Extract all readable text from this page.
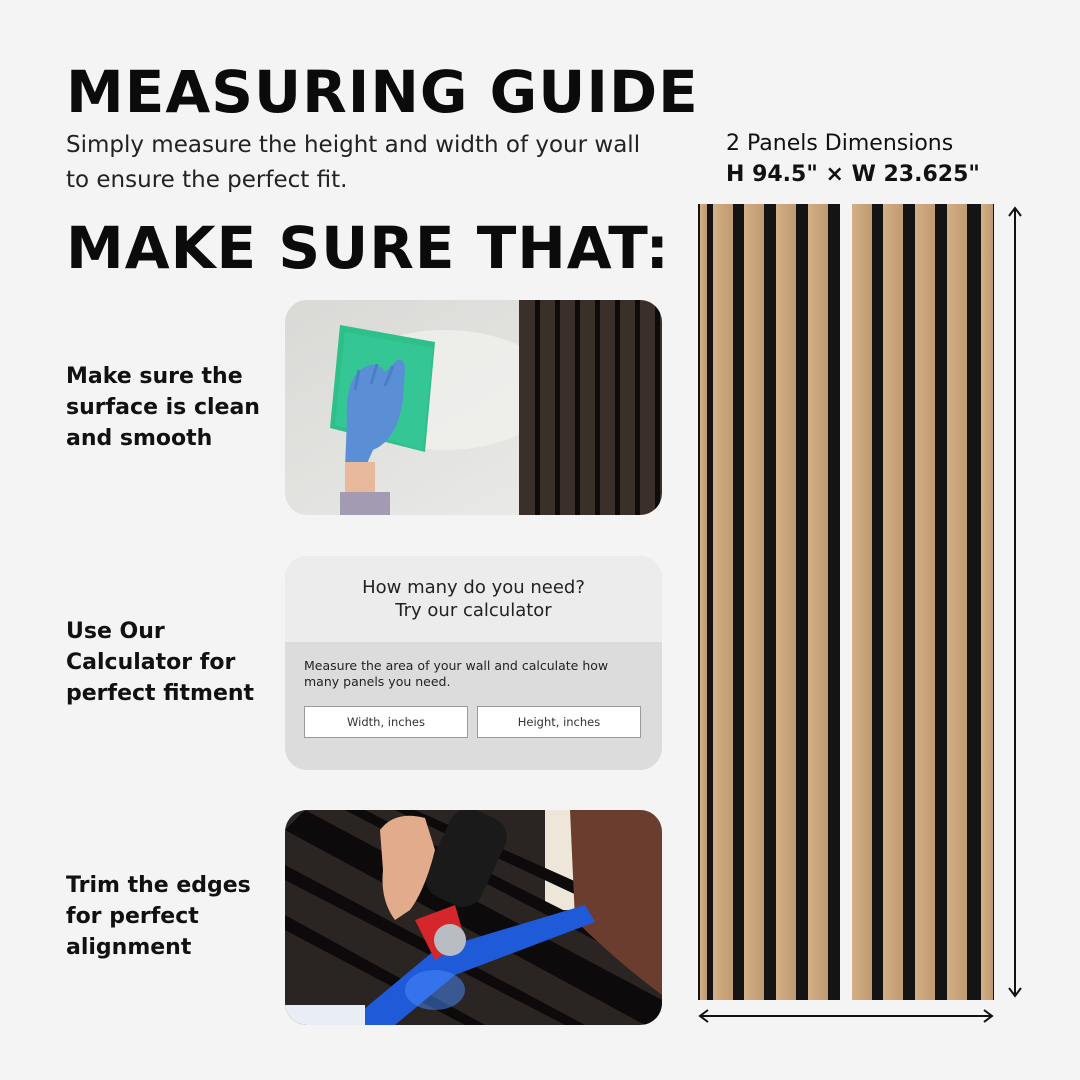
MEASURING GUIDE
Simply measure the height and width of your wall
to ensure the perfect fit.
MAKE SURE THAT:
Make sure the
surface is clean
and smooth
Use Our
Calculator for
perfect fitment
How many do you need?
Try our calculator
Measure the area of your wall and calculate how many panels you need.
Width, inches	Height, inches
Trim the edges
for perfect
alignment
2 Panels Dimensions
H 94.5" × W 23.625"
